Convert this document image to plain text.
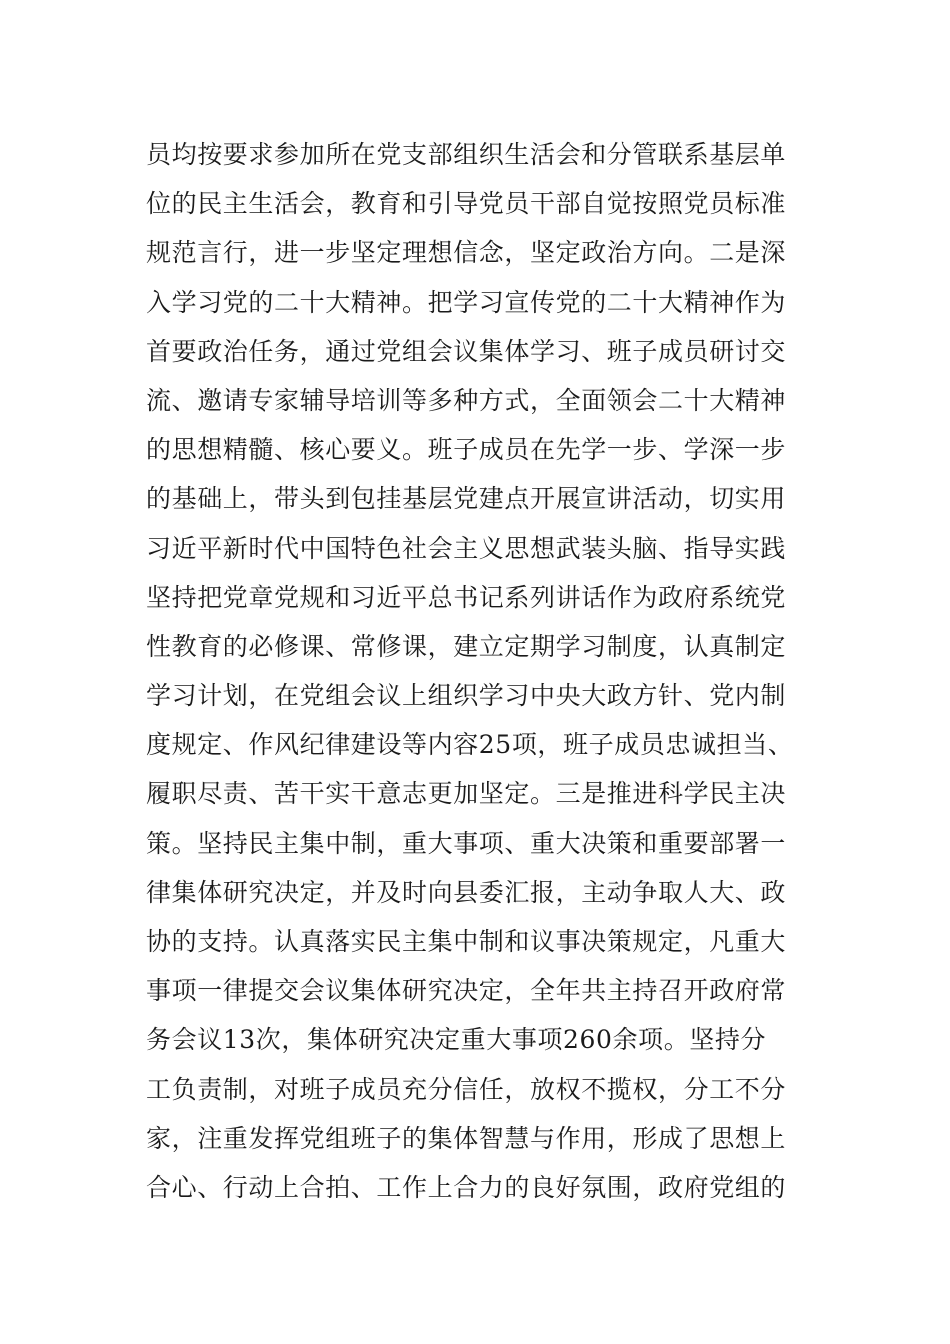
员均按要求参加所在党支部组织生活会和分管联系基层单
位的民主生活会，教育和引导党员干部自觉按照党员标准
规范言行，进一步坚定理想信念，坚定政治方向。二是深
入学习党的二十大精神。把学习宣传党的二十大精神作为
首要政治任务，通过党组会议集体学习、班子成员研讨交
流、邀请专家辅导培训等多种方式，全面领会二十大精神
的思想精髓、核心要义。班子成员在先学一步、学深一步
的基础上，带头到包挂基层党建点开展宣讲活动，切实用
习近平新时代中国特色社会主义思想武装头脑、指导实践
坚持把党章党规和习近平总书记系列讲话作为政府系统党
性教育的必修课、常修课，建立定期学习制度，认真制定
学习计划，在党组会议上组织学习中央大政方针、党内制
度规定、作风纪律建设等内容25项，班子成员忠诚担当、
履职尽责、苦干实干意志更加坚定。三是推进科学民主决
策。坚持民主集中制，重大事项、重大决策和重要部署一
律集体研究决定，并及时向县委汇报，主动争取人大、政
协的支持。认真落实民主集中制和议事决策规定，凡重大
事项一律提交会议集体研究决定，全年共主持召开政府常
务会议13次，集体研究决定重大事项260余项。坚持分
工负责制，对班子成员充分信任，放权不揽权，分工不分
家，注重发挥党组班子的集体智慧与作用，形成了思想上
合心、行动上合拍、工作上合力的良好氛围，政府党组的
